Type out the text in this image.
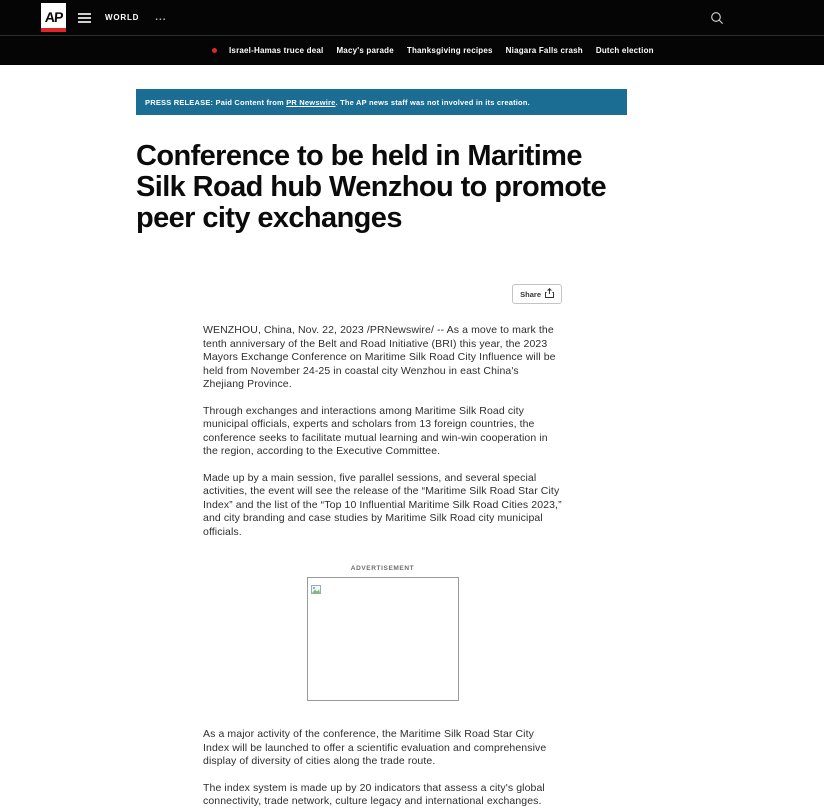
AP	WORLD ...
Israel-Hamas truce deal Macy's parade Thanksgiving recipes Niagara Falls crash Dutch election
PRESS RELEASE: Paid Content from PR Newswire. The AP news staff was not involved in its creation.
Conference to be held in Maritime Silk Road hub Wenzhou to promote peer city exchanges
Share

WENZHOU, China, Nov. 22, 2023 /PRNewswire/ -- As a move to mark the tenth anniversary of the Belt and Road Initiative (BRI) this year, the 2023 Mayors Exchange Conference on Maritime Silk Road City Influence will be held from November 24-25 in coastal city Wenzhou in east China's Zhejiang Province.

Through exchanges and interactions among Maritime Silk Road city municipal officials, experts and scholars from 13 foreign countries, the conference seeks to facilitate mutual learning and win-win cooperation in the region, according to the Executive Committee.

Made up by a main session, five parallel sessions, and several special activities, the event will see the release of the “Maritime Silk Road Star City Index” and the list of the “Top 10 Influential Maritime Silk Road Cities 2023,” and city branding and case studies by Maritime Silk Road city municipal officials.

ADVERTISEMENT

As a major activity of the conference, the Maritime Silk Road Star City Index will be launched to offer a scientific evaluation and comprehensive display of diversity of cities along the trade route.

The index system is made up by 20 indicators that assess a city's global connectivity, trade network, culture legacy and international exchanges.
